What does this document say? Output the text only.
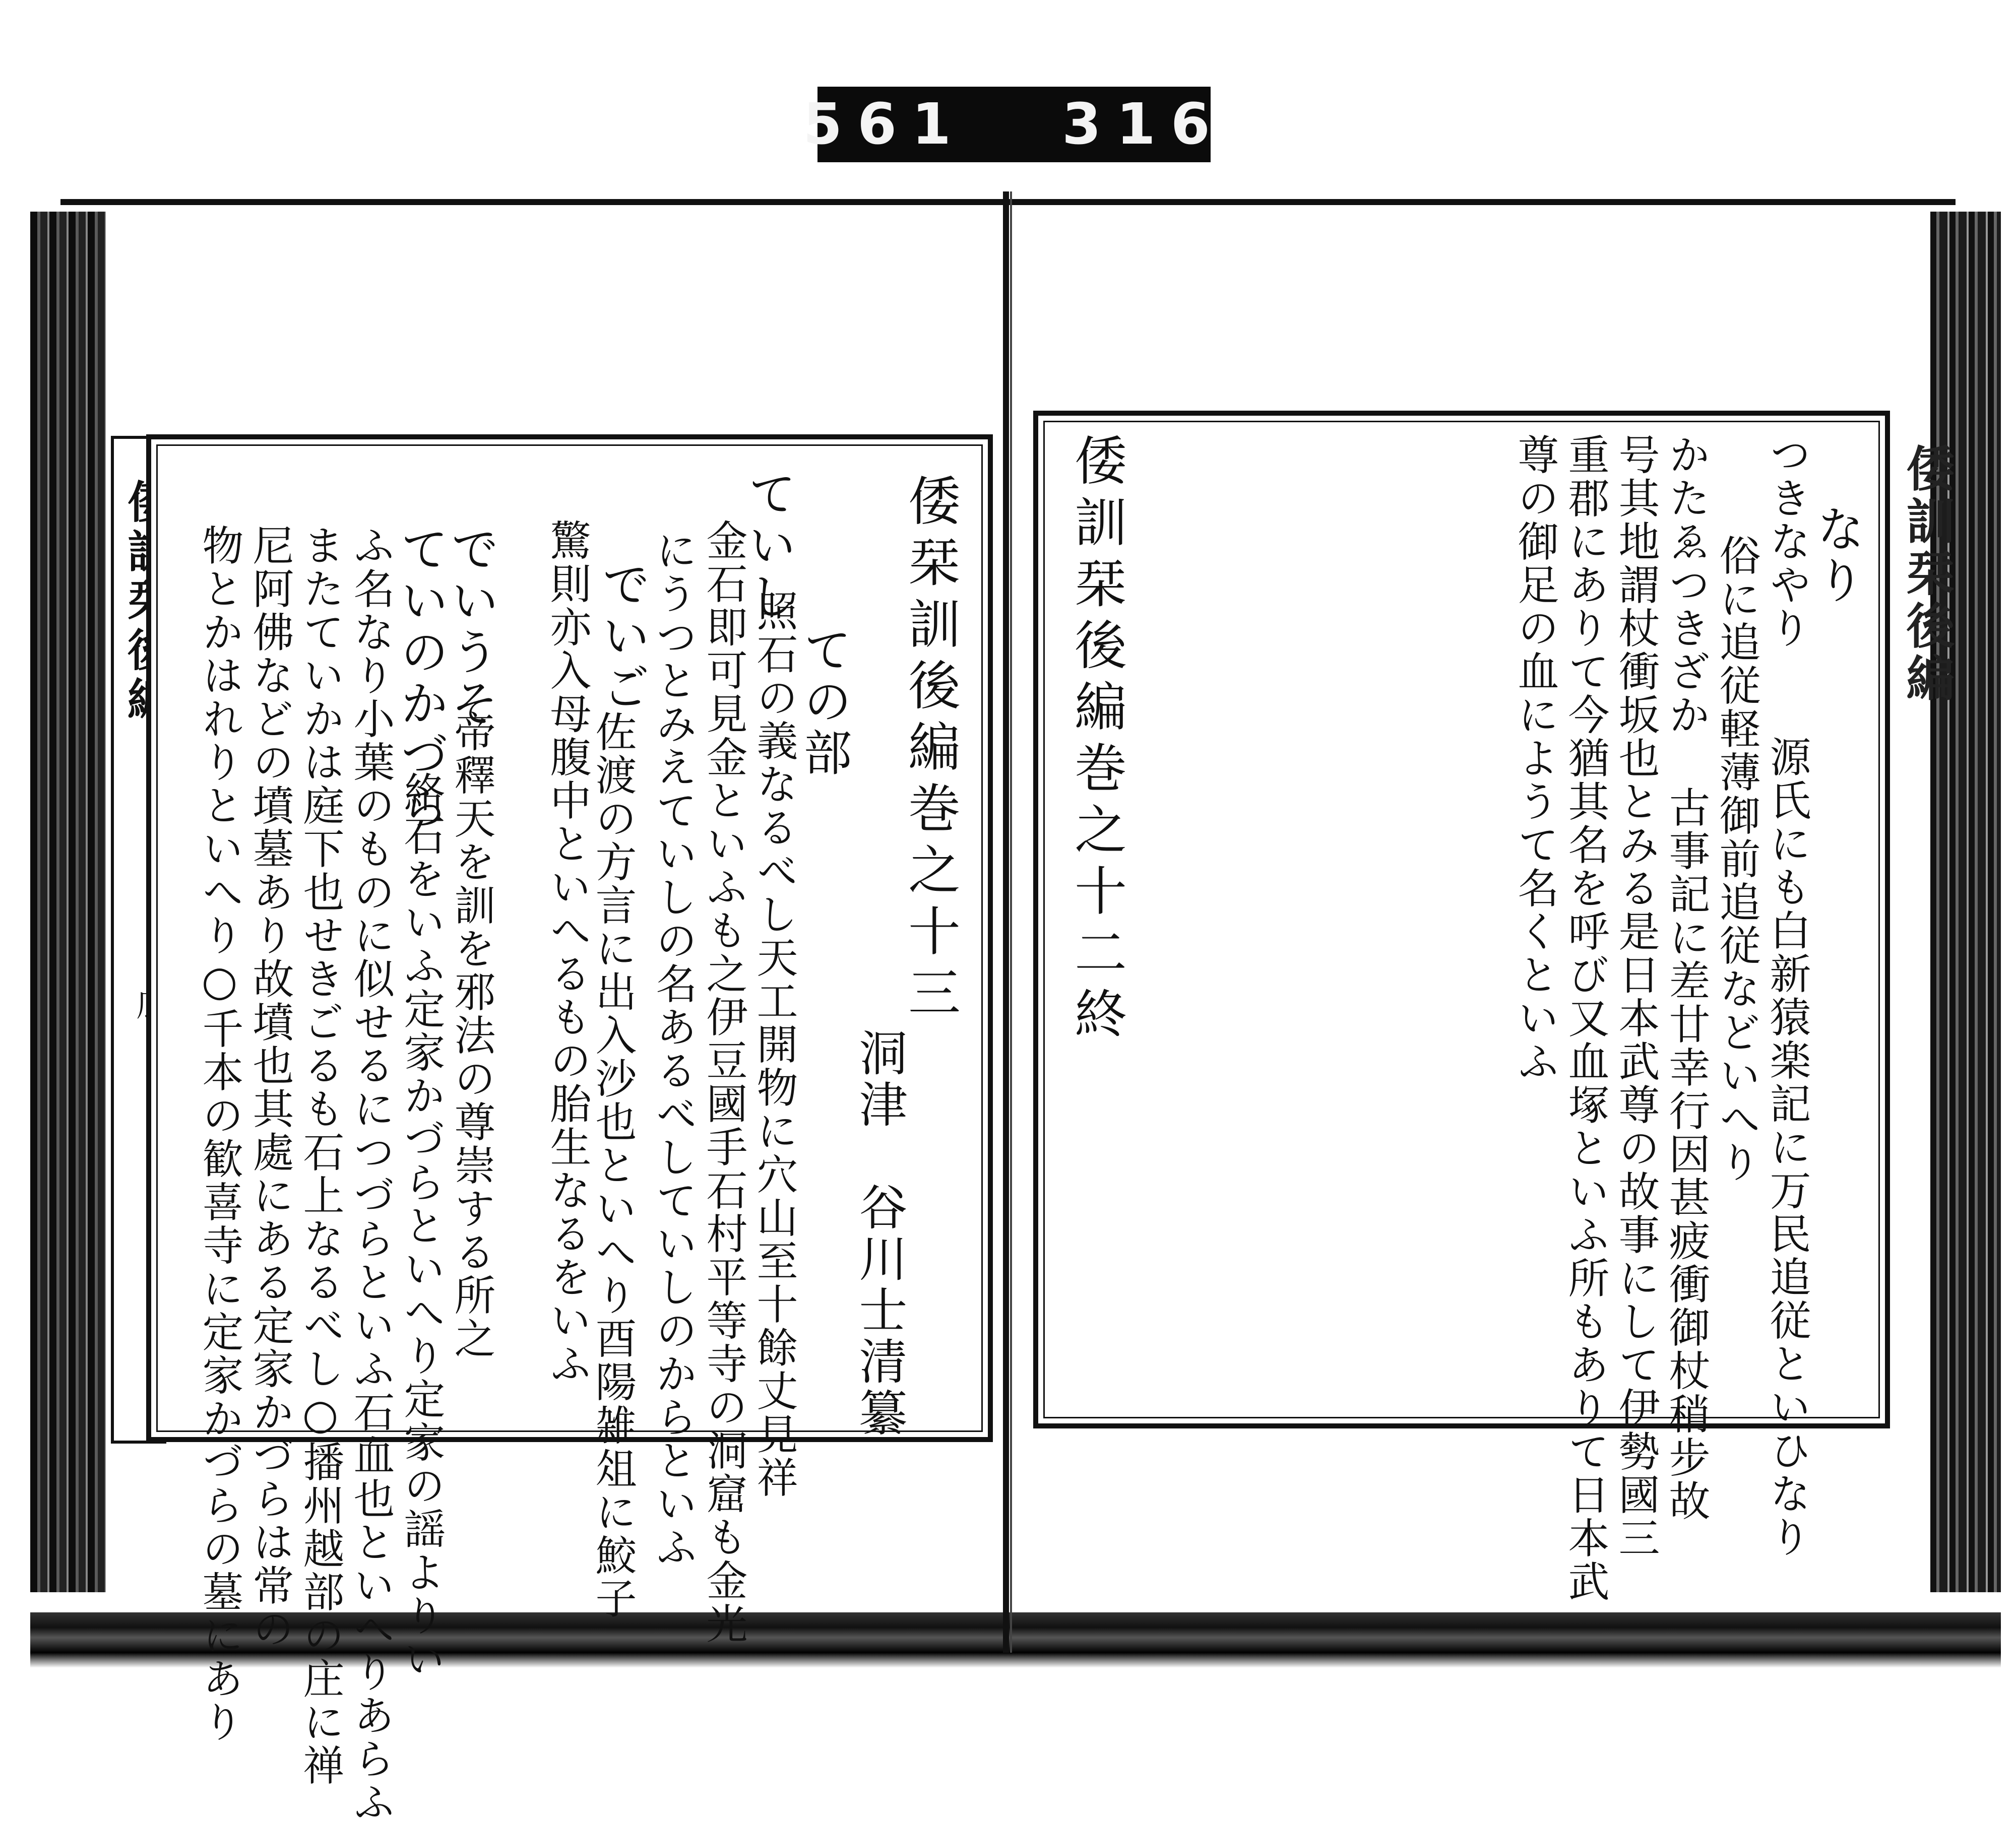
561 316
倭訓栞後編
倭栞訓後編巻之十三
洞津　谷川士清纂
ての部
ていし
照石の義なるべし天工開物に穴山至十餘丈見祥
金石即可見金といふも之伊豆國手石村平等寺の洞窟も金光
にうつとみえていしの名あるべしていしのからといふ
でいご
佐渡の方言に出入沙也といへり酉陽雑俎に鮫子
驚則亦入母腹中といへるもの胎生なるをいふ
でいうそ
帝釋天を訓を邪法の尊崇する所之
ていのかづら
絡石をいふ定家かづらといへり定家の謡よりい
ふ名なり小葉のものに似せるにつづらといふ石血也といへりあらふ
またていかは庭下也せきごるも石上なるべし○播州越部の庄に禅
尼阿佛などの墳墓あり故墳也其處にある定家かづらは常の
物とかはれりといへり○千本の歓喜寺に定家かづらの墓にあり	なり
つきなやり
源氏にも白新猿楽記に万民追従といひなり
俗に追従軽薄御前追従などいへり
かたゑつきざか
古事記に差廿幸行因甚疲衝御杖稍步故
号其地謂杖衝坂也とみる是日本武尊の故事にして伊勢國三
重郡にありて今猶其名を呼び又血塚といふ所もありて日本武
尊の御足の血にようて名くといふ
倭訓栞後編巻之十二終
